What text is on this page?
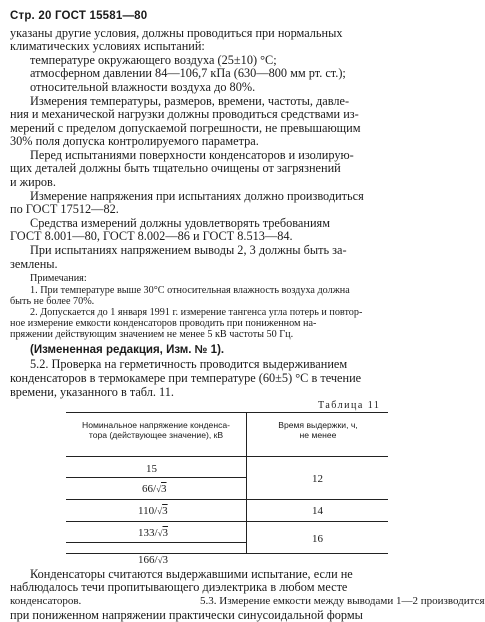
Стр. 20 ГОСТ 15581—80
указаны другие условия, должны проводиться при нормальных
климатических условиях испытаний:
температуре окружающего воздуха (25±10) °С;
атмосферном давлении 84—106,7 кПа (630—800 мм рт. ст.);
относительной влажности воздуха до 80%.
Измерения температуры, размеров, времени, частоты, давле-
ния и механической нагрузки должны проводиться средствами из-
мерений с пределом допускаемой погрешности, не превышающим
30% поля допуска контролируемого параметра.
Перед испытаниями поверхности конденсаторов и изолирую-
щих деталей должны быть тщательно очищены от загрязнений
и жиров.
Измерение напряжения при испытаниях должно производиться
по ГОСТ 17512—82.
Средства измерений должны удовлетворять требованиям
ГОСТ 8.001—80, ГОСТ 8.002—86 и ГОСТ 8.513—84.
При испытаниях напряжением выводы 2, 3 должны быть за-
землены.
Примечания:
1. При температуре выше 30°С относительная влажность воздуха должна
быть не более 70%.
2. Допускается до 1 января 1991 г. измерение тангенса угла потерь и повтор-
ное измерение емкости конденсаторов проводить при пониженном на-
пряжении действующим значением не менее 5 кВ частоты 50 Гц.
(Измененная редакция, Изм. № 1).
5.2. Проверка на герметичность проводится выдерживанием
конденсаторов в термокамере при температуре (60±5) °С в течение
времени, указанного в табл. 11.
Таблица 11
Номинальное напряжение конденса-
тора (действующее значение), кВ
Время выдержки, ч,
не менее
15
66/√3
110/√3
133/√3
12
14
16
166/√3
Конденсаторы считаются выдержавшими испытание, если не
наблюдалось течи пропитывающего диэлектрика в любом месте
конденсаторов.	5.3. Измерение емкости между выводами 1—2 производится
при пониженном напряжении практически синусоидальной формы
